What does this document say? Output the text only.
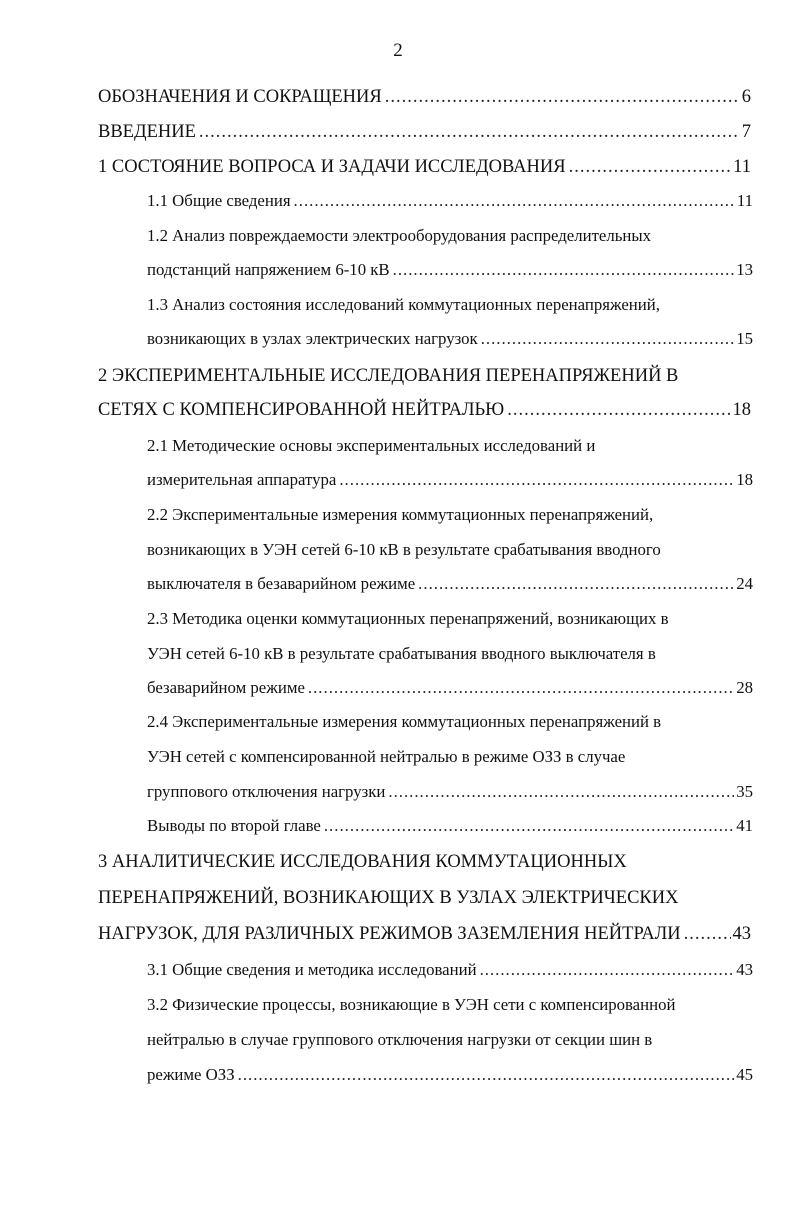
2
ОБОЗНАЧЕНИЯ И СОКРАЩЕНИЯ .....	6
ВВЕДЕНИЕ .....	7
1 СОСТОЯНИЕ ВОПРОСА И ЗАДАЧИ ИССЛЕДОВАНИЯ .....	11
1.1 Общие сведения .....	11
1.2 Анализ повреждаемости электрооборудования распределительных
подстанций напряжением 6-10 кВ .....	13
1.3 Анализ состояния исследований коммутационных перенапряжений,
возникающих в узлах электрических нагрузок .....	15
2 ЭКСПЕРИМЕНТАЛЬНЫЕ ИССЛЕДОВАНИЯ ПЕРЕНАПРЯЖЕНИЙ В
СЕТЯХ С КОМПЕНСИРОВАННОЙ НЕЙТРАЛЬЮ .....	18
2.1 Методические основы экспериментальных исследований и
измерительная аппаратура .....	18
2.2 Экспериментальные измерения коммутационных перенапряжений,
возникающих в УЭН сетей 6-10 кВ в результате срабатывания вводного
выключателя в безаварийном режиме .....	24
2.3 Методика оценки коммутационных перенапряжений, возникающих в
УЭН сетей 6-10 кВ в результате срабатывания вводного выключателя в
безаварийном режиме .....	28
2.4 Экспериментальные измерения коммутационных перенапряжений в
УЭН сетей с компенсированной нейтралью в режиме ОЗЗ в случае
группового отключения нагрузки .....	35
Выводы по второй главе .....	41
3 АНАЛИТИЧЕСКИЕ ИССЛЕДОВАНИЯ КОММУТАЦИОННЫХ
ПЕРЕНАПРЯЖЕНИЙ, ВОЗНИКАЮЩИХ В УЗЛАХ ЭЛЕКТРИЧЕСКИХ
НАГРУЗОК, ДЛЯ РАЗЛИЧНЫХ РЕЖИМОВ ЗАЗЕМЛЕНИЯ НЕЙТРАЛИ .....	43
3.1 Общие сведения и методика исследований .....	43
3.2 Физические процессы, возникающие в УЭН сети с компенсированной
нейтралью в случае группового отключения нагрузки от секции шин в
режиме ОЗЗ .....	45
